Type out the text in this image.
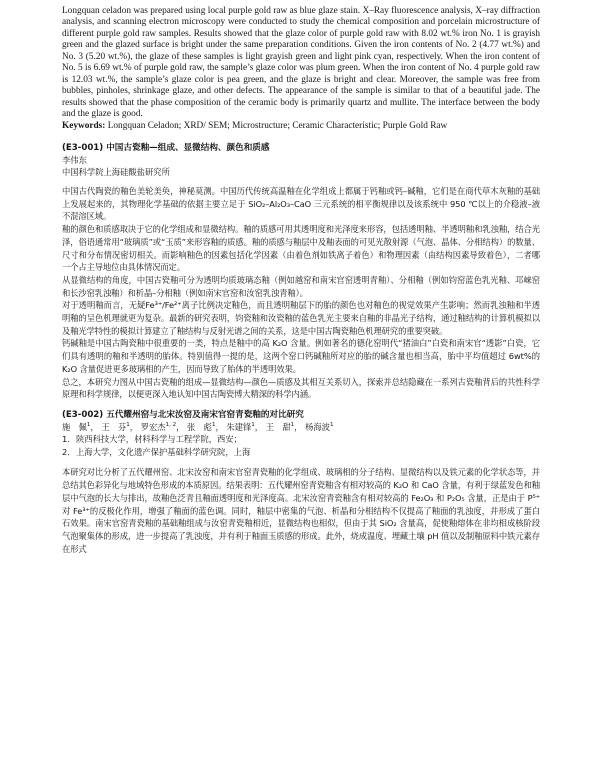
Longquan celadon was prepared using local purple gold raw as blue glaze stain. X–Ray fluorescence analysis, X–ray diffraction analysis, and scanning electron microscopy were conducted to study the chemical composition and porcelain microstructure of different purple gold raw samples. Results showed that the glaze color of purple gold raw with 8.02 wt.% iron No. 1 is grayish green and the glazed surface is bright under the same preparation conditions. Given the iron contents of No. 2 (4.77 wt.%) and No. 3 (5.20 wt.%), the glaze of these samples is light grayish green and light pink cyan, respectively. When the iron content of No. 5 is 6.69 wt.% of purple gold raw, the sample’s glaze color was plum green. When the iron content of No. 4 purple gold raw is 12.03 wt.%, the sample’s glaze color is pea green, and the glaze is bright and clear. Moreover, the sample was free from bubbles, pinholes, shrinkage glaze, and other defects. The appearance of the sample is similar to that of a beautiful jade. The results showed that the phase composition of the ceramic body is primarily quartz and mullite. The interface between the body and the glaze is good.
Keywords: Longquan Celadon; XRD/ SEM; Microstructure; Ceramic Characteristic; Purple Gold Raw

(E3-001) 中国古瓷釉—组成、显微结构、颜色和质感

李伟东

中国科学院上海硅酸盐研究所

中国古代陶瓷的釉色美轮美奂，神秘莫测。中国历代传统高温釉在化学组成上都属于钙釉或钙–碱釉，它们是在商代草木灰釉的基础上发展起来的，其物理化学基础的依据主要立足于 SiO₂–Al₂O₃–CaO 三元系统的相平衡规律以及该系统中 950 ℃以上的介稳液–液不混溶区域。

釉的颜色和质感取决于它的化学组成和显微结构。釉的质感可用其透明度和光泽度来形容，包括透明釉、半透明釉和乳浊釉，结合光泽，俗语通常用“玻璃质”或“玉质”来形容釉的质感。釉的质感与釉层中及釉表面的可见光散射源（气泡、晶体、分相结构）的数量、尺寸和分布情况密切相关。而影响釉色的因素包括化学因素（由着色剂如铁离子着色）和物理因素（由结构因素导致着色），二者哪一个占主导地位由具体情况而定。

从显微结构的角度，中国古瓷釉可分为透明均质玻璃态釉（例如越窑和南宋官窑透明青釉）、分相釉（例如钧窑蓝色乳光釉、邛崃窑和长沙窑乳浊釉）和析晶–分相釉（例如南宋官窑和汝窑乳浊青釉）。

对于透明釉而言，无疑Fe³⁺/Fe²⁺离子比例决定釉色，而且透明釉层下的胎的颜色也对釉色的视觉效果产生影响；然而乳浊釉和半透明釉的呈色机理就更为复杂。最新的研究表明，钧瓷釉和汝瓷釉的蓝色乳光主要来自釉的非晶光子结构，通过釉结构的计算机模拟以及釉光学特性的模拟计算建立了釉结构与反射光谱之间的关系，这是中国古陶瓷釉色机理研究的重要突破。

钙碱釉是中国古陶瓷釉中很重要的一类，特点是釉中的高 K₂O 含量。例如著名的德化窑明代“猪油白”白瓷和南宋官“透影”白瓷，它们具有透明的釉和半透明的胎体。特别值得一提的是，这两个窑口钙碱釉所对应的胎的碱含量也相当高，胎中平均值超过 6wt%的 K₂O 含量促进更多玻璃相的产生，因而导致了胎体的半透明效果。

总之，本研究力图从中国古瓷釉的组成—显微结构—颜色—质感及其相互关系切入，探索并总结隐藏在一系列古瓷釉背后的共性科学原理和科学规律，以便更深入地认知中国古陶瓷博大精深的科学内涵。

(E3-002) 五代耀州窑与北宋汝窑及南宋官窑青瓷釉的对比研究

施　佩$^1$， 王　芬$^1$， 罗宏杰$^{1, 2}$， 张　彪$^1$， 朱建锋$^1$， 王　甜$^1$， 杨海波$^1$

1. 陕西科技大学，材料科学与工程学院，西安；
2. 上海大学，文化遗产保护基础科学研究院，上海

本研究对比分析了五代耀州窑、北宋汝窑和南宋官窑青瓷釉的化学组成、玻璃相的分子结构、显微结构以及铁元素的化学状态等，并总结其色彩异化与地域特色形成的本质原因。结果表明：五代耀州窑青瓷釉含有相对较高的 K₂O 和 CaO 含量，有利于绿蓝发色和釉层中气泡的长大与排出，故釉色泛青且釉面透明度和光泽度高。北宋汝窑青瓷釉含有相对较高的 Fe₂O₃ 和 P₂O₅ 含量，正是由于 P⁵⁺对 Fe³⁺的反极化作用，增强了釉面的蓝色调。同时，釉层中密集的气泡、析晶和分相结构不仅提高了釉面的乳浊度，并形成了蛋白石效果。南宋官窑青瓷釉的基础釉组成与汝窑青瓷釉相近，显微结构也相似，但由于其 SiO₂ 含量高，促使釉熔体在非均相成核阶段气泡聚集体的形成，进一步提高了乳浊度，并有利于釉面玉质感的形成。此外，烧成温度、埋藏土壤 pH 值以及制釉原料中铁元素存在形式
